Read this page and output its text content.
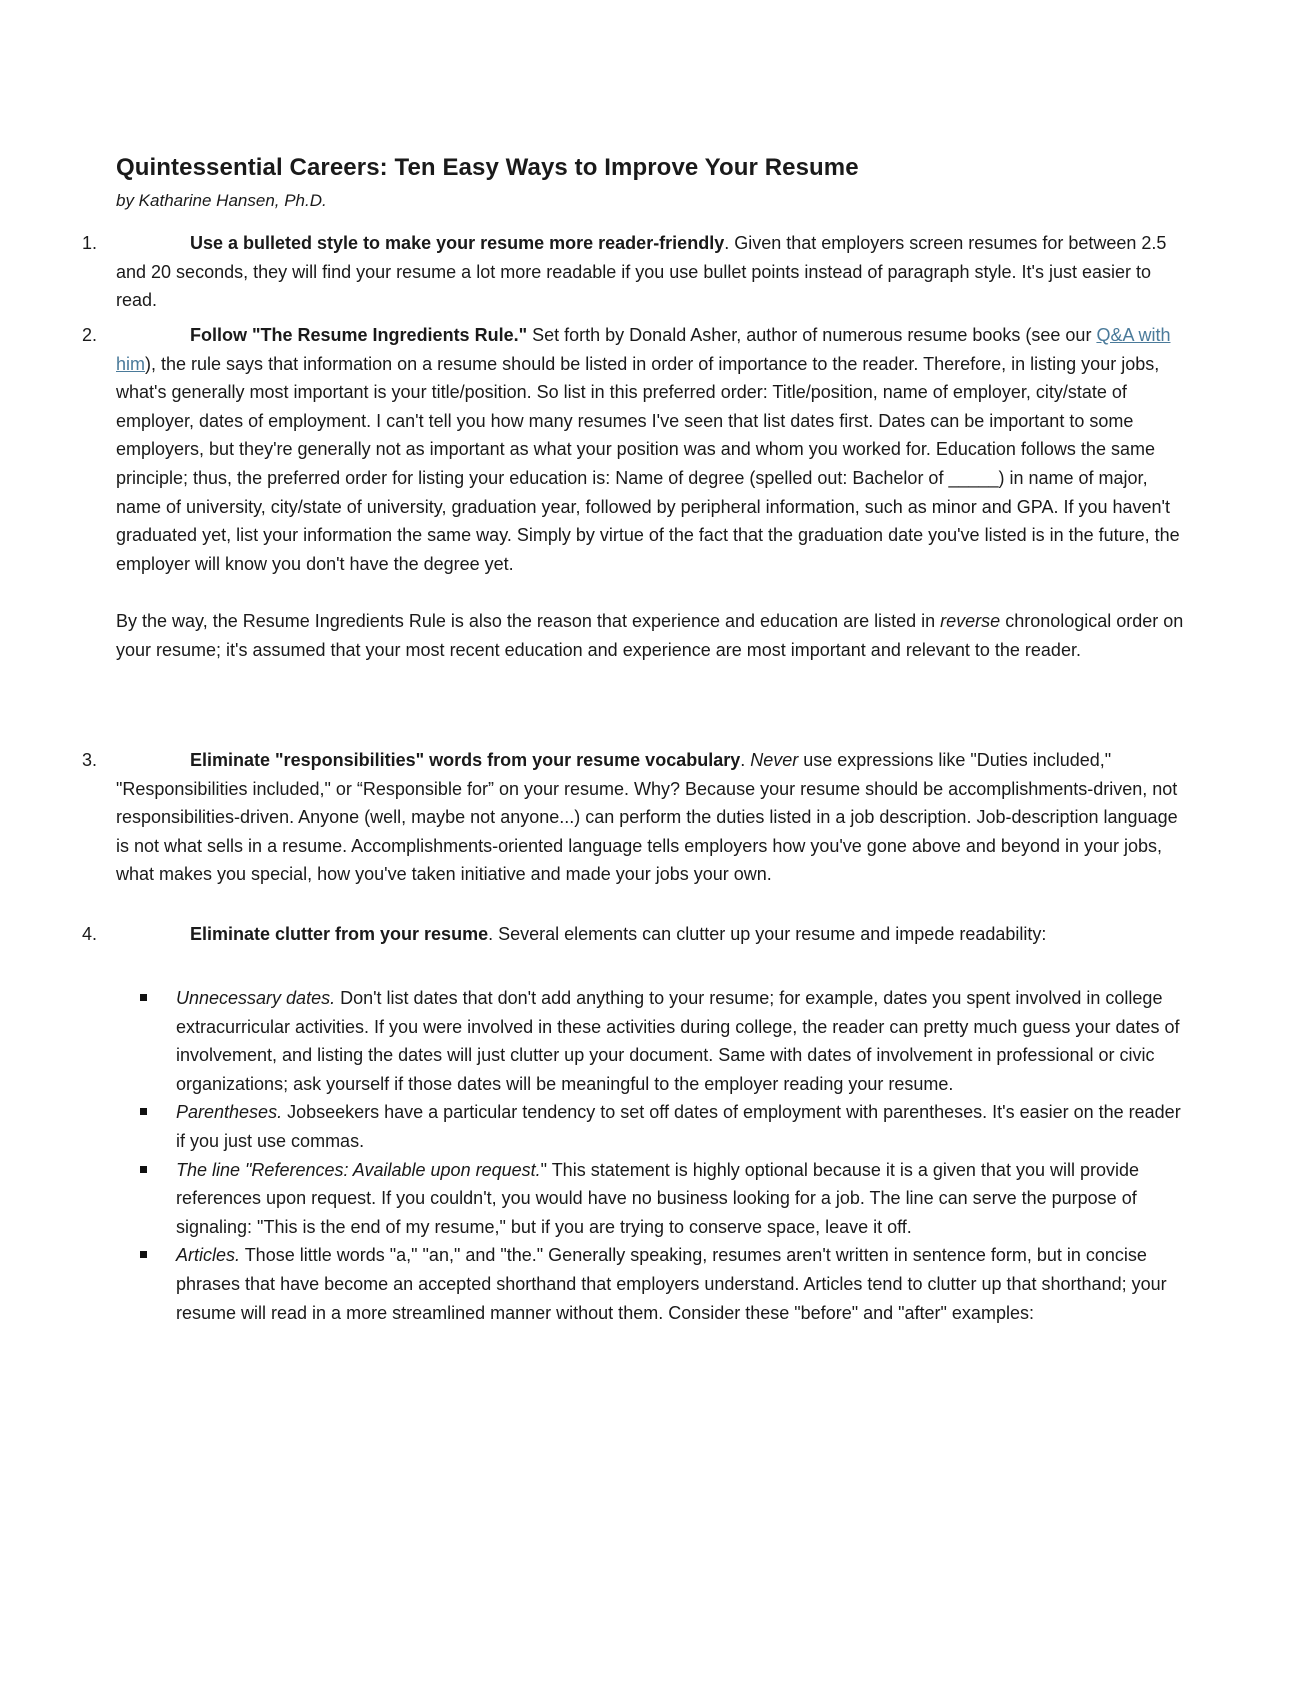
Quintessential Careers: Ten Easy Ways to Improve Your Resume

by Katharine Hansen, Ph.D.

1.	Use a bulleted style to make your resume more reader-friendly. Given that employers screen resumes for between 2.5 and 20 seconds, they will find your resume a lot more readable if you use bullet points instead of paragraph style. It's just easier to read.

2.	Follow "The Resume Ingredients Rule." Set forth by Donald Asher, author of numerous resume books (see our Q&A with him), the rule says that information on a resume should be listed in order of importance to the reader. Therefore, in listing your jobs, what's generally most important is your title/position. So list in this preferred order: Title/position, name of employer, city/state of employer, dates of employment. I can't tell you how many resumes I've seen that list dates first. Dates can be important to some employers, but they're generally not as important as what your position was and whom you worked for. Education follows the same principle; thus, the preferred order for listing your education is: Name of degree (spelled out: Bachelor of _____) in name of major, name of university, city/state of university, graduation year, followed by peripheral information, such as minor and GPA. If you haven't graduated yet, list your information the same way. Simply by virtue of the fact that the graduation date you've listed is in the future, the employer will know you don't have the degree yet.

By the way, the Resume Ingredients Rule is also the reason that experience and education are listed in reverse chronological order on your resume; it's assumed that your most recent education and experience are most important and relevant to the reader.

3.	Eliminate "responsibilities" words from your resume vocabulary. Never use expressions like "Duties included," "Responsibilities included," or “Responsible for” on your resume. Why? Because your resume should be accomplishments-driven, not responsibilities-driven. Anyone (well, maybe not anyone...) can perform the duties listed in a job description. Job-description language is not what sells in a resume. Accomplishments-oriented language tells employers how you've gone above and beyond in your jobs, what makes you special, how you've taken initiative and made your jobs your own.

4.	Eliminate clutter from your resume. Several elements can clutter up your resume and impede readability:

Unnecessary dates. Don't list dates that don't add anything to your resume; for example, dates you spent involved in college extracurricular activities. If you were involved in these activities during college, the reader can pretty much guess your dates of involvement, and listing the dates will just clutter up your document. Same with dates of involvement in professional or civic organizations; ask yourself if those dates will be meaningful to the employer reading your resume.
Parentheses. Jobseekers have a particular tendency to set off dates of employment with parentheses. It's easier on the reader if you just use commas.
The line "References: Available upon request." This statement is highly optional because it is a given that you will provide references upon request. If you couldn't, you would have no business looking for a job. The line can serve the purpose of signaling: "This is the end of my resume," but if you are trying to conserve space, leave it off.
Articles. Those little words "a," "an," and "the." Generally speaking, resumes aren't written in sentence form, but in concise phrases that have become an accepted shorthand that employers understand. Articles tend to clutter up that shorthand; your resume will read in a more streamlined manner without them. Consider these "before" and "after" examples:
